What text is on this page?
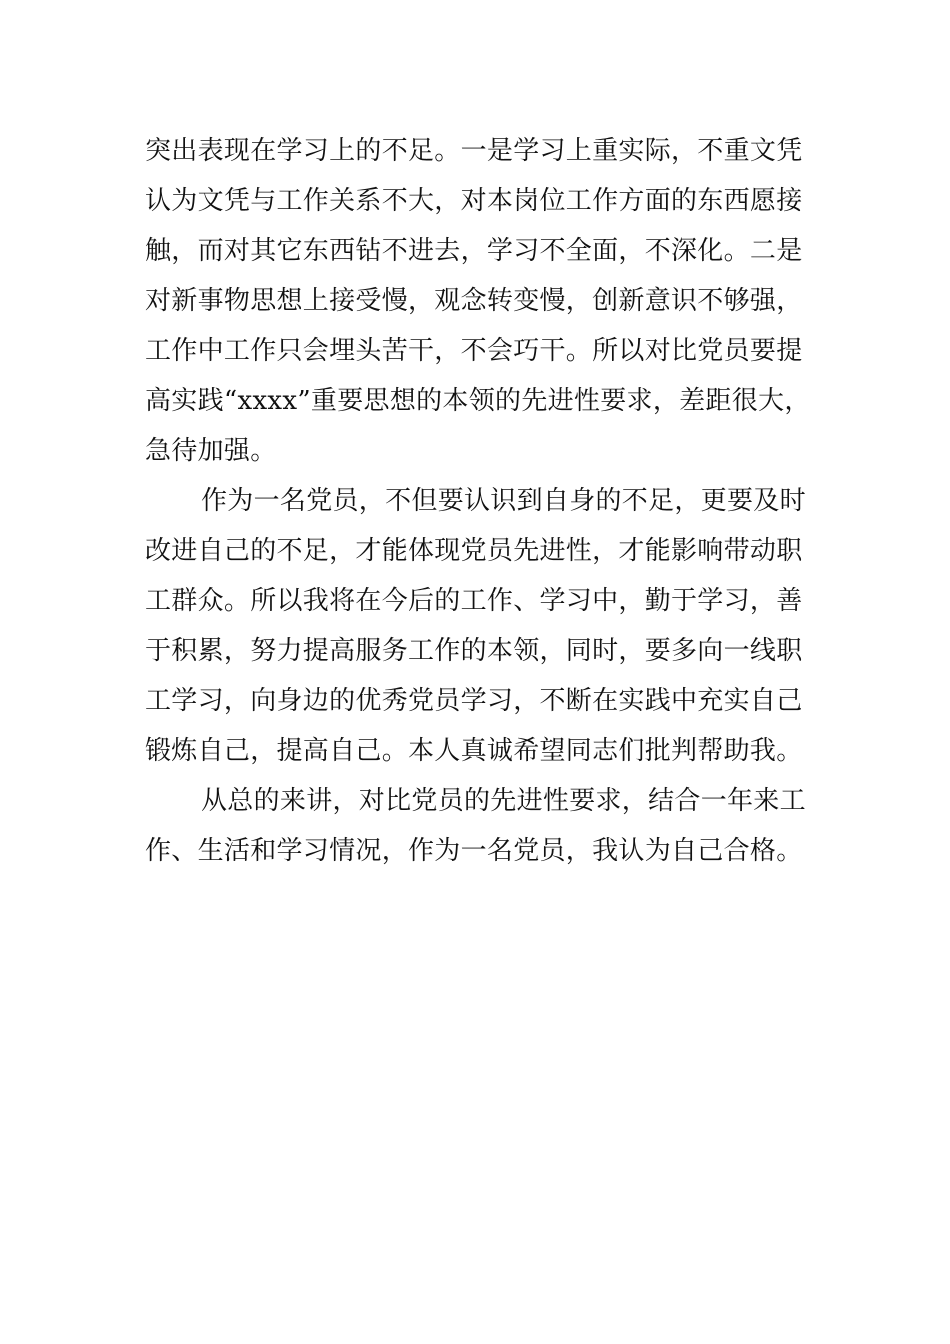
突出表现在学习上的不足。一是学习上重实际，不重文凭
认为文凭与工作关系不大，对本岗位工作方面的东西愿接
触，而对其它东西钻不进去，学习不全面，不深化。二是
对新事物思想上接受慢，观念转变慢，创新意识不够强，
工作中工作只会埋头苦干，不会巧干。所以对比党员要提
高实践“xxxx”重要思想的本领的先进性要求，差距很大，
急待加强。
作为一名党员，不但要认识到自身的不足，更要及时
改进自己的不足，才能体现党员先进性，才能影响带动职
工群众。所以我将在今后的工作、学习中，勤于学习，善
于积累，努力提高服务工作的本领，同时，要多向一线职
工学习，向身边的优秀党员学习，不断在实践中充实自己
锻炼自己，提高自己。本人真诚希望同志们批判帮助我。
从总的来讲，对比党员的先进性要求，结合一年来工
作、生活和学习情况，作为一名党员，我认为自己合格。
